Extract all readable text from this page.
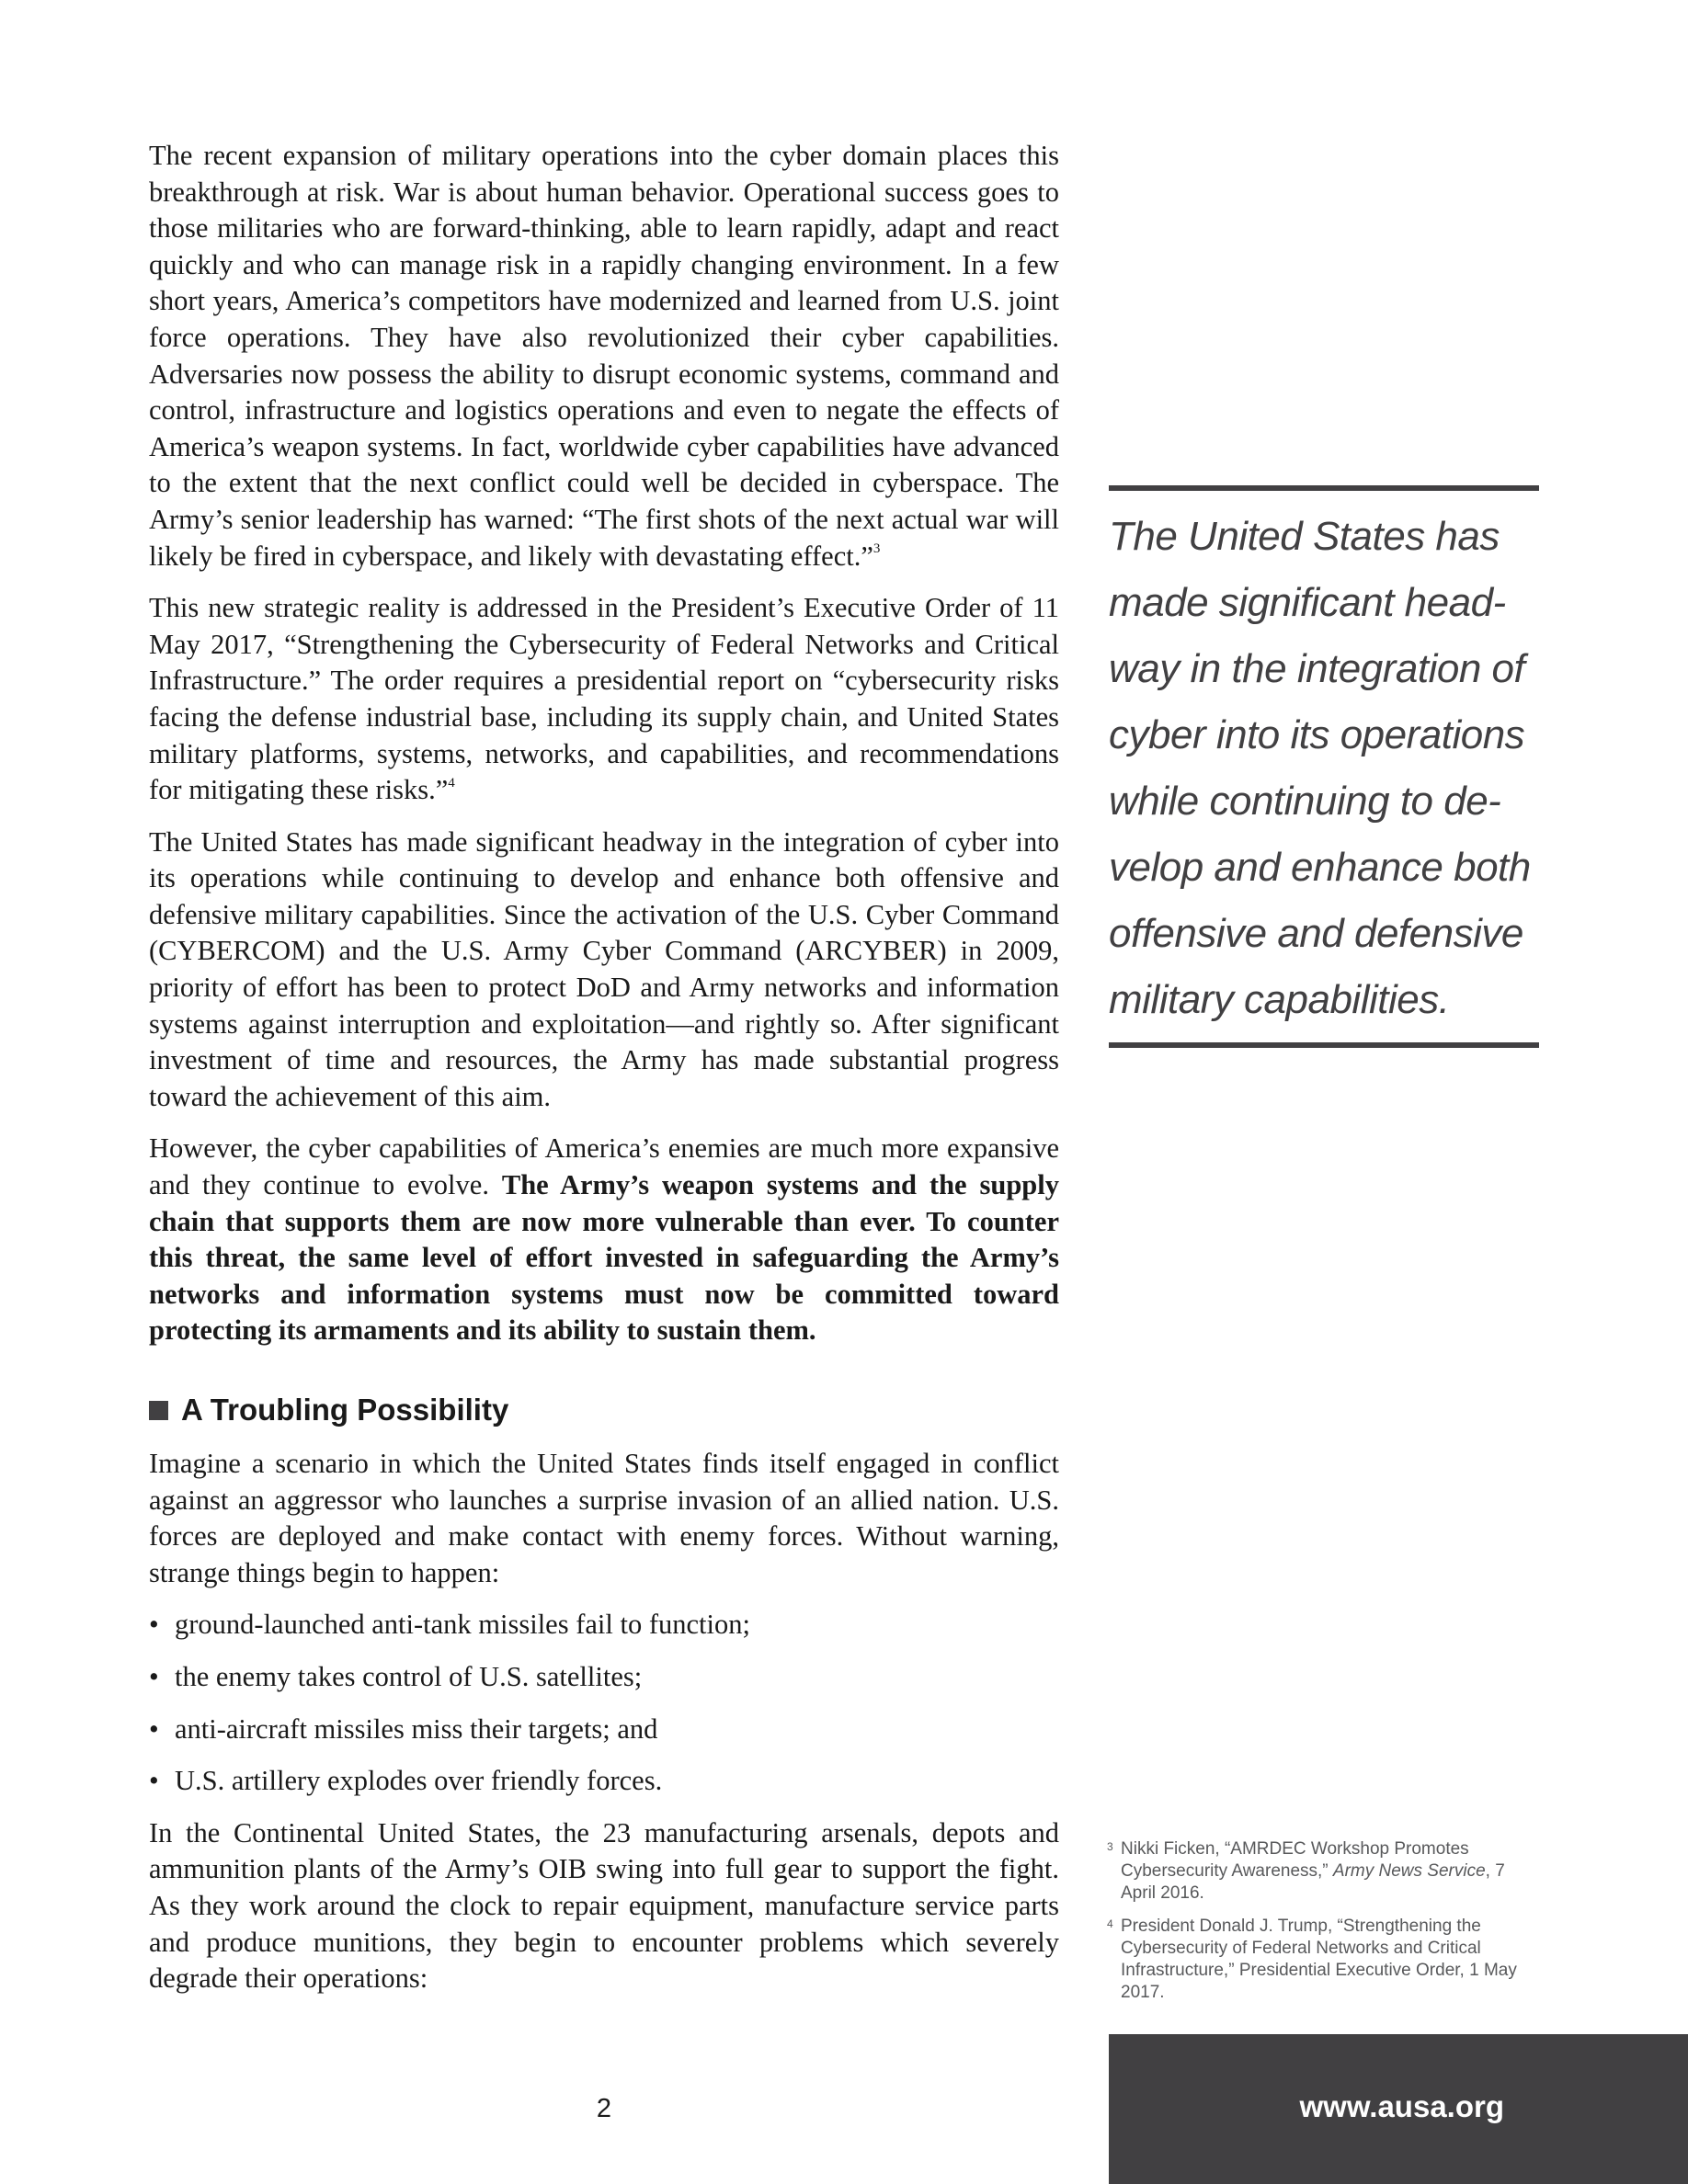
The recent expansion of military operations into the cyber domain places this breakthrough at risk. War is about human behavior. Operational success goes to those militaries who are forward-thinking, able to learn rapidly, adapt and react quickly and who can manage risk in a rapidly changing environment. In a few short years, America’s competitors have modernized and learned from U.S. joint force operations. They have also revolutionized their cyber capabilities. Adversaries now possess the ability to disrupt economic systems, command and control, infrastructure and logistics operations and even to negate the effects of America’s weapon systems. In fact, worldwide cyber capabilities have advanced to the extent that the next conflict could well be decided in cyberspace. The Army’s senior leadership has warned: “The first shots of the next actual war will likely be fired in cyberspace, and likely with devastating effect.”$^3$

This new strategic reality is addressed in the President’s Executive Order of 11 May 2017, “Strengthening the Cybersecurity of Federal Networks and Critical Infrastructure.” The order requires a presidential report on “cybersecurity risks facing the defense industrial base, including its supply chain, and United States military platforms, systems, networks, and capabilities, and recommendations for mitigating these risks.”$^4$

The United States has made significant headway in the integration of cyber into its operations while continuing to develop and enhance both offensive and defensive military capabilities. Since the activation of the U.S. Cyber Command (CYBERCOM) and the U.S. Army Cyber Command (ARCYBER) in 2009, priority of effort has been to protect DoD and Army networks and information systems against interruption and exploitation—and rightly so. After significant investment of time and resources, the Army has made substantial progress toward the achievement of this aim.

However, the cyber capabilities of America’s enemies are much more expansive and they continue to evolve. The Army’s weapon systems and the supply chain that supports them are now more vulnerable than ever. To counter this threat, the same level of effort invested in safeguarding the Army’s networks and information systems must now be committed toward protecting its armaments and its ability to sustain them.

A Troubling Possibility

Imagine a scenario in which the United States finds itself engaged in conflict against an aggressor who launches a surprise invasion of an allied nation. U.S. forces are deployed and make contact with enemy forces. Without warning, strange things begin to happen:

• ground-launched anti-tank missiles fail to function;
• the enemy takes control of U.S. satellites;
• anti-aircraft missiles miss their targets; and
• U.S. artillery explodes over friendly forces.

In the Continental United States, the 23 manufacturing arsenals, depots and ammunition plants of the Army’s OIB swing into full gear to support the fight. As they work around the clock to repair equipment, manufacture service parts and produce munitions, they begin to encounter problems which severely degrade their operations:

The United States has
made significant head-
way in the integration of
cyber into its operations
while continuing to de-
velop and enhance both
offensive and defensive
military capabilities.
3 Nikki Ficken, “AMRDEC Workshop Promotes Cybersecurity Awareness,” Army News Service, 7 April 2016.
4 President Donald J. Trump, “Strengthening the Cybersecurity of Federal Networks and Critical Infrastructure,” Presidential Executive Order, 1 May 2017.
2	www.ausa.org
